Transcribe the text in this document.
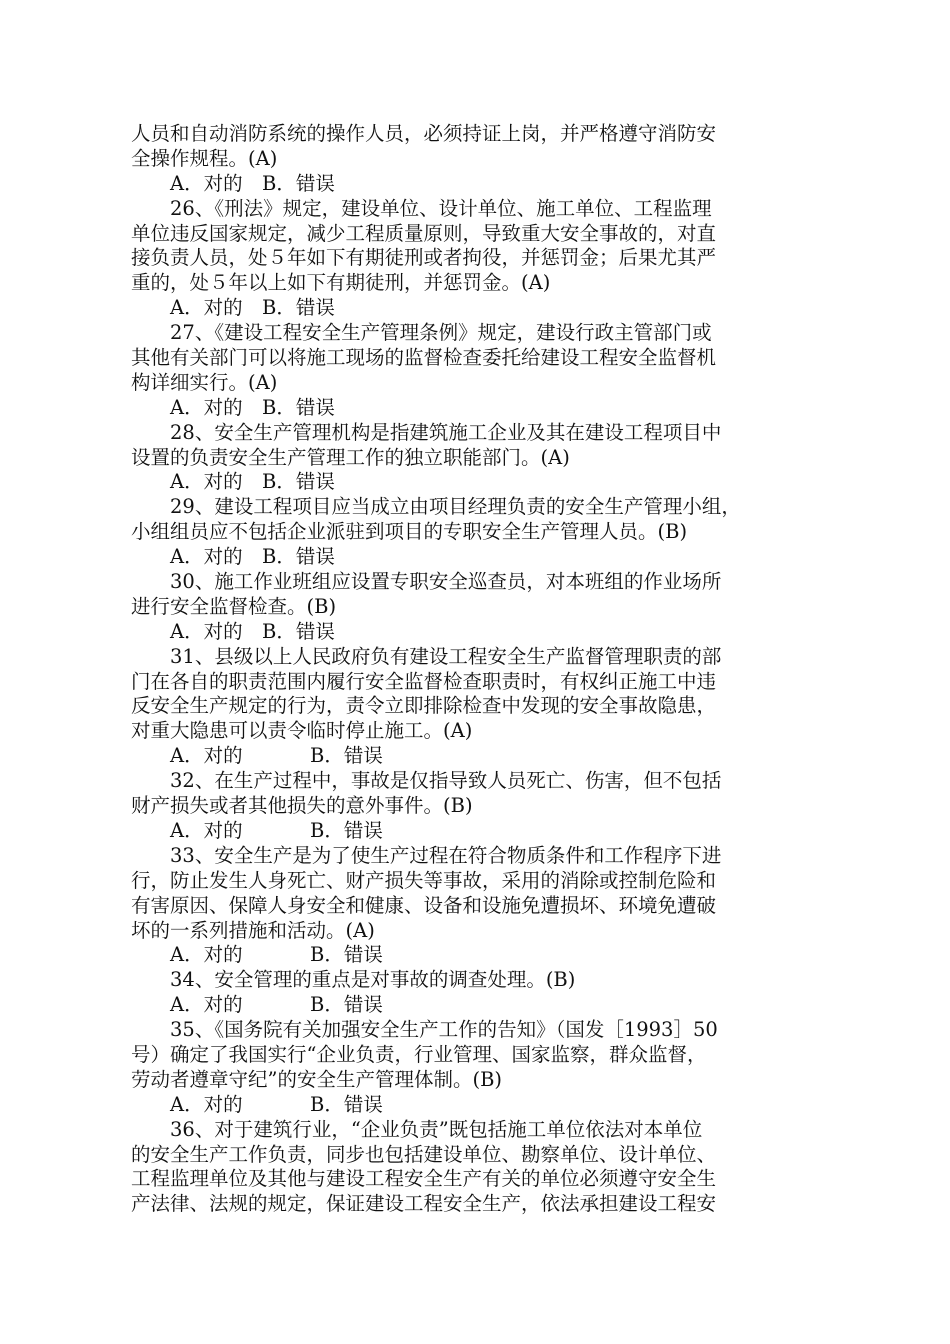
人员和自动消防系统的操作人员，必须持证上岗，并严格遵守消防安
全操作规程。(A)
A．对的 B．错误
26、《刑法》规定，建设单位、设计单位、施工单位、工程监理
单位违反国家规定，减少工程质量原则，导致重大安全事故的，对直
接负责人员，处５年如下有期徒刑或者拘役，并惩罚金；后果尤其严
重的，处５年以上如下有期徒刑，并惩罚金。(A)
A．对的 B．错误
27、《建设工程安全生产管理条例》规定，建设行政主管部门或
其他有关部门可以将施工现场的监督检查委托给建设工程安全监督机
构详细实行。(A)
A．对的 B．错误
28、安全生产管理机构是指建筑施工企业及其在建设工程项目中
设置的负责安全生产管理工作的独立职能部门。(A)
A．对的 B．错误
29、建设工程项目应当成立由项目经理负责的安全生产管理小组，
小组组员应不包括企业派驻到项目的专职安全生产管理人员。(B)
A．对的 B．错误
30、施工作业班组应设置专职安全巡查员，对本班组的作业场所
进行安全监督检查。(B)
A．对的 B．错误
31、县级以上人民政府负有建设工程安全生产监督管理职责的部
门在各自的职责范围内履行安全监督检查职责时，有权纠正施工中违
反安全生产规定的行为，责令立即排除检查中发现的安全事故隐患，
对重大隐患可以责令临时停止施工。(A)
A．对的	B．错误
32、在生产过程中，事故是仅指导致人员死亡、伤害，但不包括
财产损失或者其他损失的意外事件。(B)
A．对的	B．错误
33、安全生产是为了使生产过程在符合物质条件和工作程序下进
行，防止发生人身死亡、财产损失等事故，采用的消除或控制危险和
有害原因、保障人身安全和健康、设备和设施免遭损坏、环境免遭破
坏的一系列措施和活动。(A)
A．对的	B．错误
34、安全管理的重点是对事故的调查处理。(B)
A．对的	B．错误
35、《国务院有关加强安全生产工作的告知》（国发［1993］50
号）确定了我国实行“企业负责，行业管理、国家监察，群众监督，
劳动者遵章守纪”的安全生产管理体制。(B)
A．对的	B．错误
36、对于建筑行业，“企业负责”既包括施工单位依法对本单位
的安全生产工作负责，同步也包括建设单位、勘察单位、设计单位、
工程监理单位及其他与建设工程安全生产有关的单位必须遵守安全生
产法律、法规的规定，保证建设工程安全生产，依法承担建设工程安
